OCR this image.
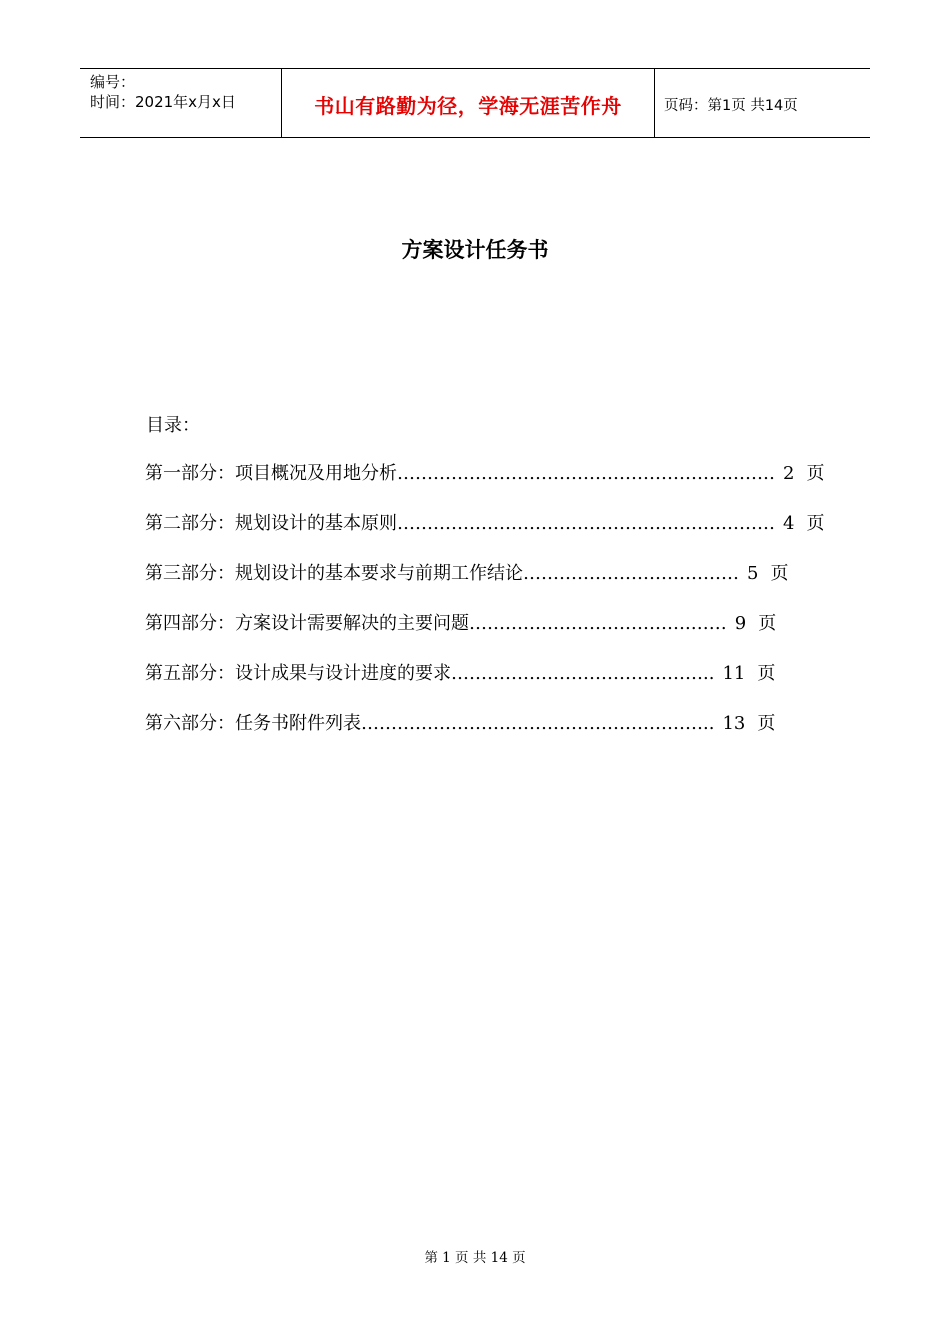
编号：
时间：2021年x月x日	书山有路勤为径，学海无涯苦作舟	页码：第1页 共14页
方案设计任务书
目录：
第一部分：项目概况及用地分析……………………………………………………… 2 页
第二部分：规划设计的基本原则……………………………………………………… 4 页
第三部分：规划设计的基本要求与前期工作结论……………………………… 5 页
第四部分：方案设计需要解决的主要问题……………………………….…… 9 页
第五部分：设计成果与设计进度的要求…………………………………….. 11 页
第六部分：任务书附件列表………………………………………………….. 13 页
第 1 页 共 14 页
